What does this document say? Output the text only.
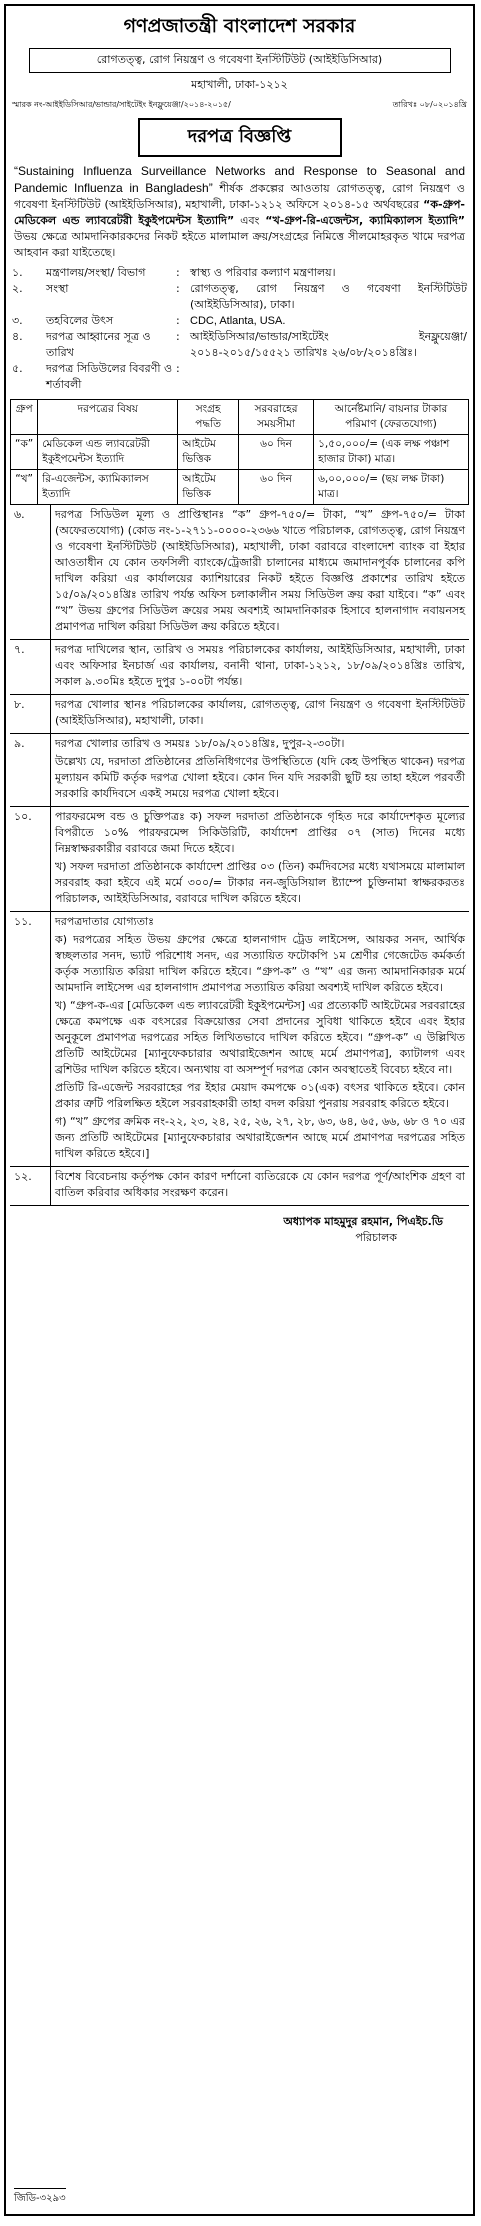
গণপ্রজাতন্ত্রী বাংলাদেশ সরকার
রোগতত্ত্ব, রোগ নিয়ন্ত্রণ ও গবেষণা ইনস্টিটিউট (আইইডিসিআর)
মহাখালী, ঢাকা-১২১২
স্মারক নং-আইইডিসিআর/ভান্ডার/সাইটেইং ইনফ্লুয়েঞ্জা/২০১৪-২০১৫/	তারিখঃ ০৮/০২০১৪খ্রি
দরপত্র বিজ্ঞপ্তি
“Sustaining Influenza Surveillance Networks and Response to Seasonal and Pandemic Influenza in Bangladesh” শীর্ষক প্রকল্পের আওতায় রোগতত্ত্ব, রোগ নিয়ন্ত্রণ ও গবেষণা ইনস্টিটিউট (আইইডিসিআর), মহাখালী, ঢাকা-১২১২ অফিসে ২০১৪-১৫ অর্থবছরের “ক-গ্রুপ-মেডিকেল এন্ড ল্যাবরেটরী ইকুইপমেন্টস ইত্যাদি” এবং “খ-গ্রুপ-রি-এজেন্টস, ক্যামিক্যালস ইত্যাদি” উভয় ক্ষেত্রে আমদানিকারকদের নিকট হইতে মালামাল ক্রয়/সংগ্রহের নিমিত্তে সীলমোহরকৃত খামে দরপত্র আহবান করা যাইতেছে।
১.	মন্ত্রণালয়/সংস্থা/ বিভাগ	: স্বাস্থ্য ও পরিবার কল্যাণ মন্ত্রণালয়।
২.	সংস্থা	: রোগতত্ত্ব, রোগ নিয়ন্ত্রণ ও গবেষণা ইনস্টিটিউট (আইইডিসিআর), ঢাকা।
৩.	তহবিলের উৎস	: CDC, Atlanta, USA.
৪.	দরপত্র আহ্বানের সূত্র ও তারিখ
: আইইডিসিআর/ভান্ডার/সাইটেইং ইনফ্লুয়েঞ্জা/২০১৪-২০১৫/১৫৫২১ তারিখঃ ২৬/০৮/২০১৪খ্রিঃ।
৫.	দরপত্র সিডিউলের বিবরণী ও শর্তাবলী
:
গ্রুপ	দরপত্রের বিষয়	সংগ্রহ পদ্ধতি	সরবরাহের সময়সীমা	আর্নেষ্টমানি/ বায়নার টাকার পরিমাণ (ফেরতযোগ্য)
“ক”	মেডিকেল এন্ড ল্যাবরেটরী ইকুইপমেন্টস ইত্যাদি	আইটেম ভিত্তিক	৬০ দিন	১,৫০,০০০/= (এক লক্ষ পঞ্চাশ হাজার টাকা) মাত্র।
“খ”	রি-এজেন্টস, ক্যামিক্যালস ইত্যাদি	আইটেম ভিত্তিক	৬০ দিন	৬,০০,০০০/= (ছয় লক্ষ টাকা) মাত্র।
৬.	দরপত্র সিডিউল মূল্য ও প্রাপ্তিস্থানঃ “ক” গ্রুপ-৭৫০/= টাকা, “খ” গ্রুপ-৭৫০/= টাকা (অফেরতযোগ্য) (কোড নং-১-২৭১১-০০০০-২৩৬৬ খাতে পরিচালক, রোগতত্ত্ব, রোগ নিয়ন্ত্রণ ও গবেষণা ইনস্টিটিউট (আইইডিসিআর), মহাখালী, ঢাকা বরাবরে বাংলাদেশ ব্যাংক বা ইহার আওতাধীন যে কোন তফসিলী ব্যাংকে/ট্রেজারী চালানের মাধ্যমে জমাদানপূর্বক চালানের কপি দাখিল করিয়া এর কার্যালয়ের ক্যাশিয়ারের নিকট হইতে বিজ্ঞপ্তি প্রকাশের তারিখ হইতে ১৫/০৯/২০১৪খ্রিঃ তারিখ পর্যন্ত অফিস চলাকালীন সময় সিডিউল ক্রয় করা যাইবে। “ক” এবং “খ” উভয় গ্রুপের সিডিউল ক্রয়ের সময় অবশ্যই আমদানিকারক হিসাবে হালনাগাদ নবায়নসহ প্রমাণপত্র দাখিল করিয়া সিডিউল ক্রয় করিতে হইবে।

৭.	দরপত্র দাখিলের স্থান, তারিখ ও সময়ঃ পরিচালকের কার্যালয়, আইইডিসিআর, মহাখালী, ঢাকা এবং অফিসার ইনচার্জ এর কার্যালয়, বনানী থানা, ঢাকা-১২১২, ১৮/০৯/২০১৪খ্রিঃ তারিখ, সকাল ৯.৩০মিঃ হইতে দুপুর ১-০০টা পর্যন্ত।

৮.	দরপত্র খোলার স্থানঃ পরিচালকের কার্যালয়, রোগতত্ত্ব, রোগ নিয়ন্ত্রণ ও গবেষণা ইনস্টিটিউট (আইইডিসিআর), মহাখালী, ঢাকা।

৯.	দরপত্র খোলার তারিখ ও সময়ঃ ১৮/০৯/২০১৪খ্রিঃ, দুপুর-২-৩০টা।

উল্লেখ্য যে, দরদাতা প্রতিষ্ঠানের প্রতিনিধিগণের উপস্থিতিতে (যদি কেহ উপস্থিত থাকেন) দরপত্র মূল্যায়ন কমিটি কর্তৃক দরপত্র খোলা হইবে। কোন দিন যদি সরকারী ছুটি হয় তাহা হইলে পরবর্তী সরকারি কার্যদিবসে একই সময়ে দরপত্র খোলা হইবে।

১০.	পারফরমেন্স বন্ড ও চুক্তিপত্রঃ ক) সফল দরদাতা প্রতিষ্ঠানকে গৃহিত দরে কার্যাদেশকৃত মূল্যের বিপরীতে ১০% পারফরমেন্স সিকিউরিটি, কার্যাদেশ প্রাপ্তির ০৭ (সাত) দিনের মধ্যে নিম্নস্বাক্ষরকারীর বরাবরে জমা দিতে হইবে।

খ) সফল দরদাতা প্রতিষ্ঠানকে কার্যাদেশ প্রাপ্তির ০৩ (তিন) কর্মদিবসের মধ্যে যথাসময়ে মালামাল সরবরাহ করা হইবে এই মর্মে ৩০০/= টাকার নন-জুডিসিয়াল ষ্ট্যাম্পে চুক্তিনামা স্বাক্ষরকরতঃ পরিচালক, আইইডিসিআর, বরাবরে দাখিল করিতে হইবে।

১১.	দরপত্রদাতার যোগ্যতাঃ

ক) দরপত্রের সহিত উভয় গ্রুপের ক্ষেত্রে হালনাগাদ ট্রেড লাইসেন্স, আয়কর সনদ, আর্থিক স্বচ্ছলতার সনদ, ভ্যাট পরিশোধ সনদ, এর সত্যায়িত ফটোকপি ১ম শ্রেণীর গেজেটেড কর্মকর্তা কর্তৃক সত্যায়িত করিয়া দাখিল করিতে হইবে। “গ্রুপ-ক” ও “খ” এর জন্য আমদানিকারক মর্মে আমদানি লাইসেন্স এর হালনাগাদ প্রমাণপত্র সত্যায়িত করিয়া অবশ্যই দাখিল করিতে হইবে।

খ) “গ্রুপ-ক-এর [মেডিকেল এন্ড ল্যাবরেটরী ইকুইপমেন্টস] এর প্রত্যেকটি আইটেমের সরবরাহের ক্ষেত্রে কমপক্ষে এক বৎসরের বিক্রয়োত্তর সেবা প্রদানের সুবিধা থাকিতে হইবে এবং ইহার অনুকূলে প্রমাণপত্র দরপত্রের সহিত লিখিতভাবে দাখিল করিতে হইবে। “গ্রুপ-ক” এ উল্লিখিত প্রতিটি আইটেমের [ম্যানুফেকচারার অথারাইজেশন আছে মর্মে প্রমাণপত্র], ক্যাটালগ এবং ব্রশিউর দাখিল করিতে হইবে। অন্যথায় বা অসম্পূর্ণ দরপত্র কোন অবস্থাতেই বিবেচ্য হইবে না।

প্রতিটি রি-এজেন্ট সরবরাহের পর ইহার মেয়াদ কমপক্ষে ০১(এক) বৎসর থাকিতে হইবে। কোন প্রকার ত্রুটি পরিলক্ষিত হইলে সরবরাহকারী তাহা বদল করিয়া পুনরায় সরবরাহ করিতে হইবে।

গ) “খ” গ্রুপের ক্রমিক নং-২২, ২৩, ২৪, ২৫, ২৬, ২৭, ২৮, ৬৩, ৬৪, ৬৫, ৬৬, ৬৮ ও ৭০ এর জন্য প্রতিটি আইটেমের [ম্যানুফেকচারার অথারাইজেশন আছে মর্মে প্রমাণপত্র দরপত্রের সহিত দাখিল করিতে হইবে।]

১২.	বিশেষ বিবেচনায় কর্তৃপক্ষ কোন কারণ দর্শানো ব্যতিরেকে যে কোন দরপত্র পূর্ণ/আংশিক গ্রহণ বা বাতিল করিবার অধিকার সংরক্ষণ করেন।

অধ্যাপক মাহমুদুর রহমান, পিএইচ.ডি
পরিচালক
জিডি-৩২৯৩
